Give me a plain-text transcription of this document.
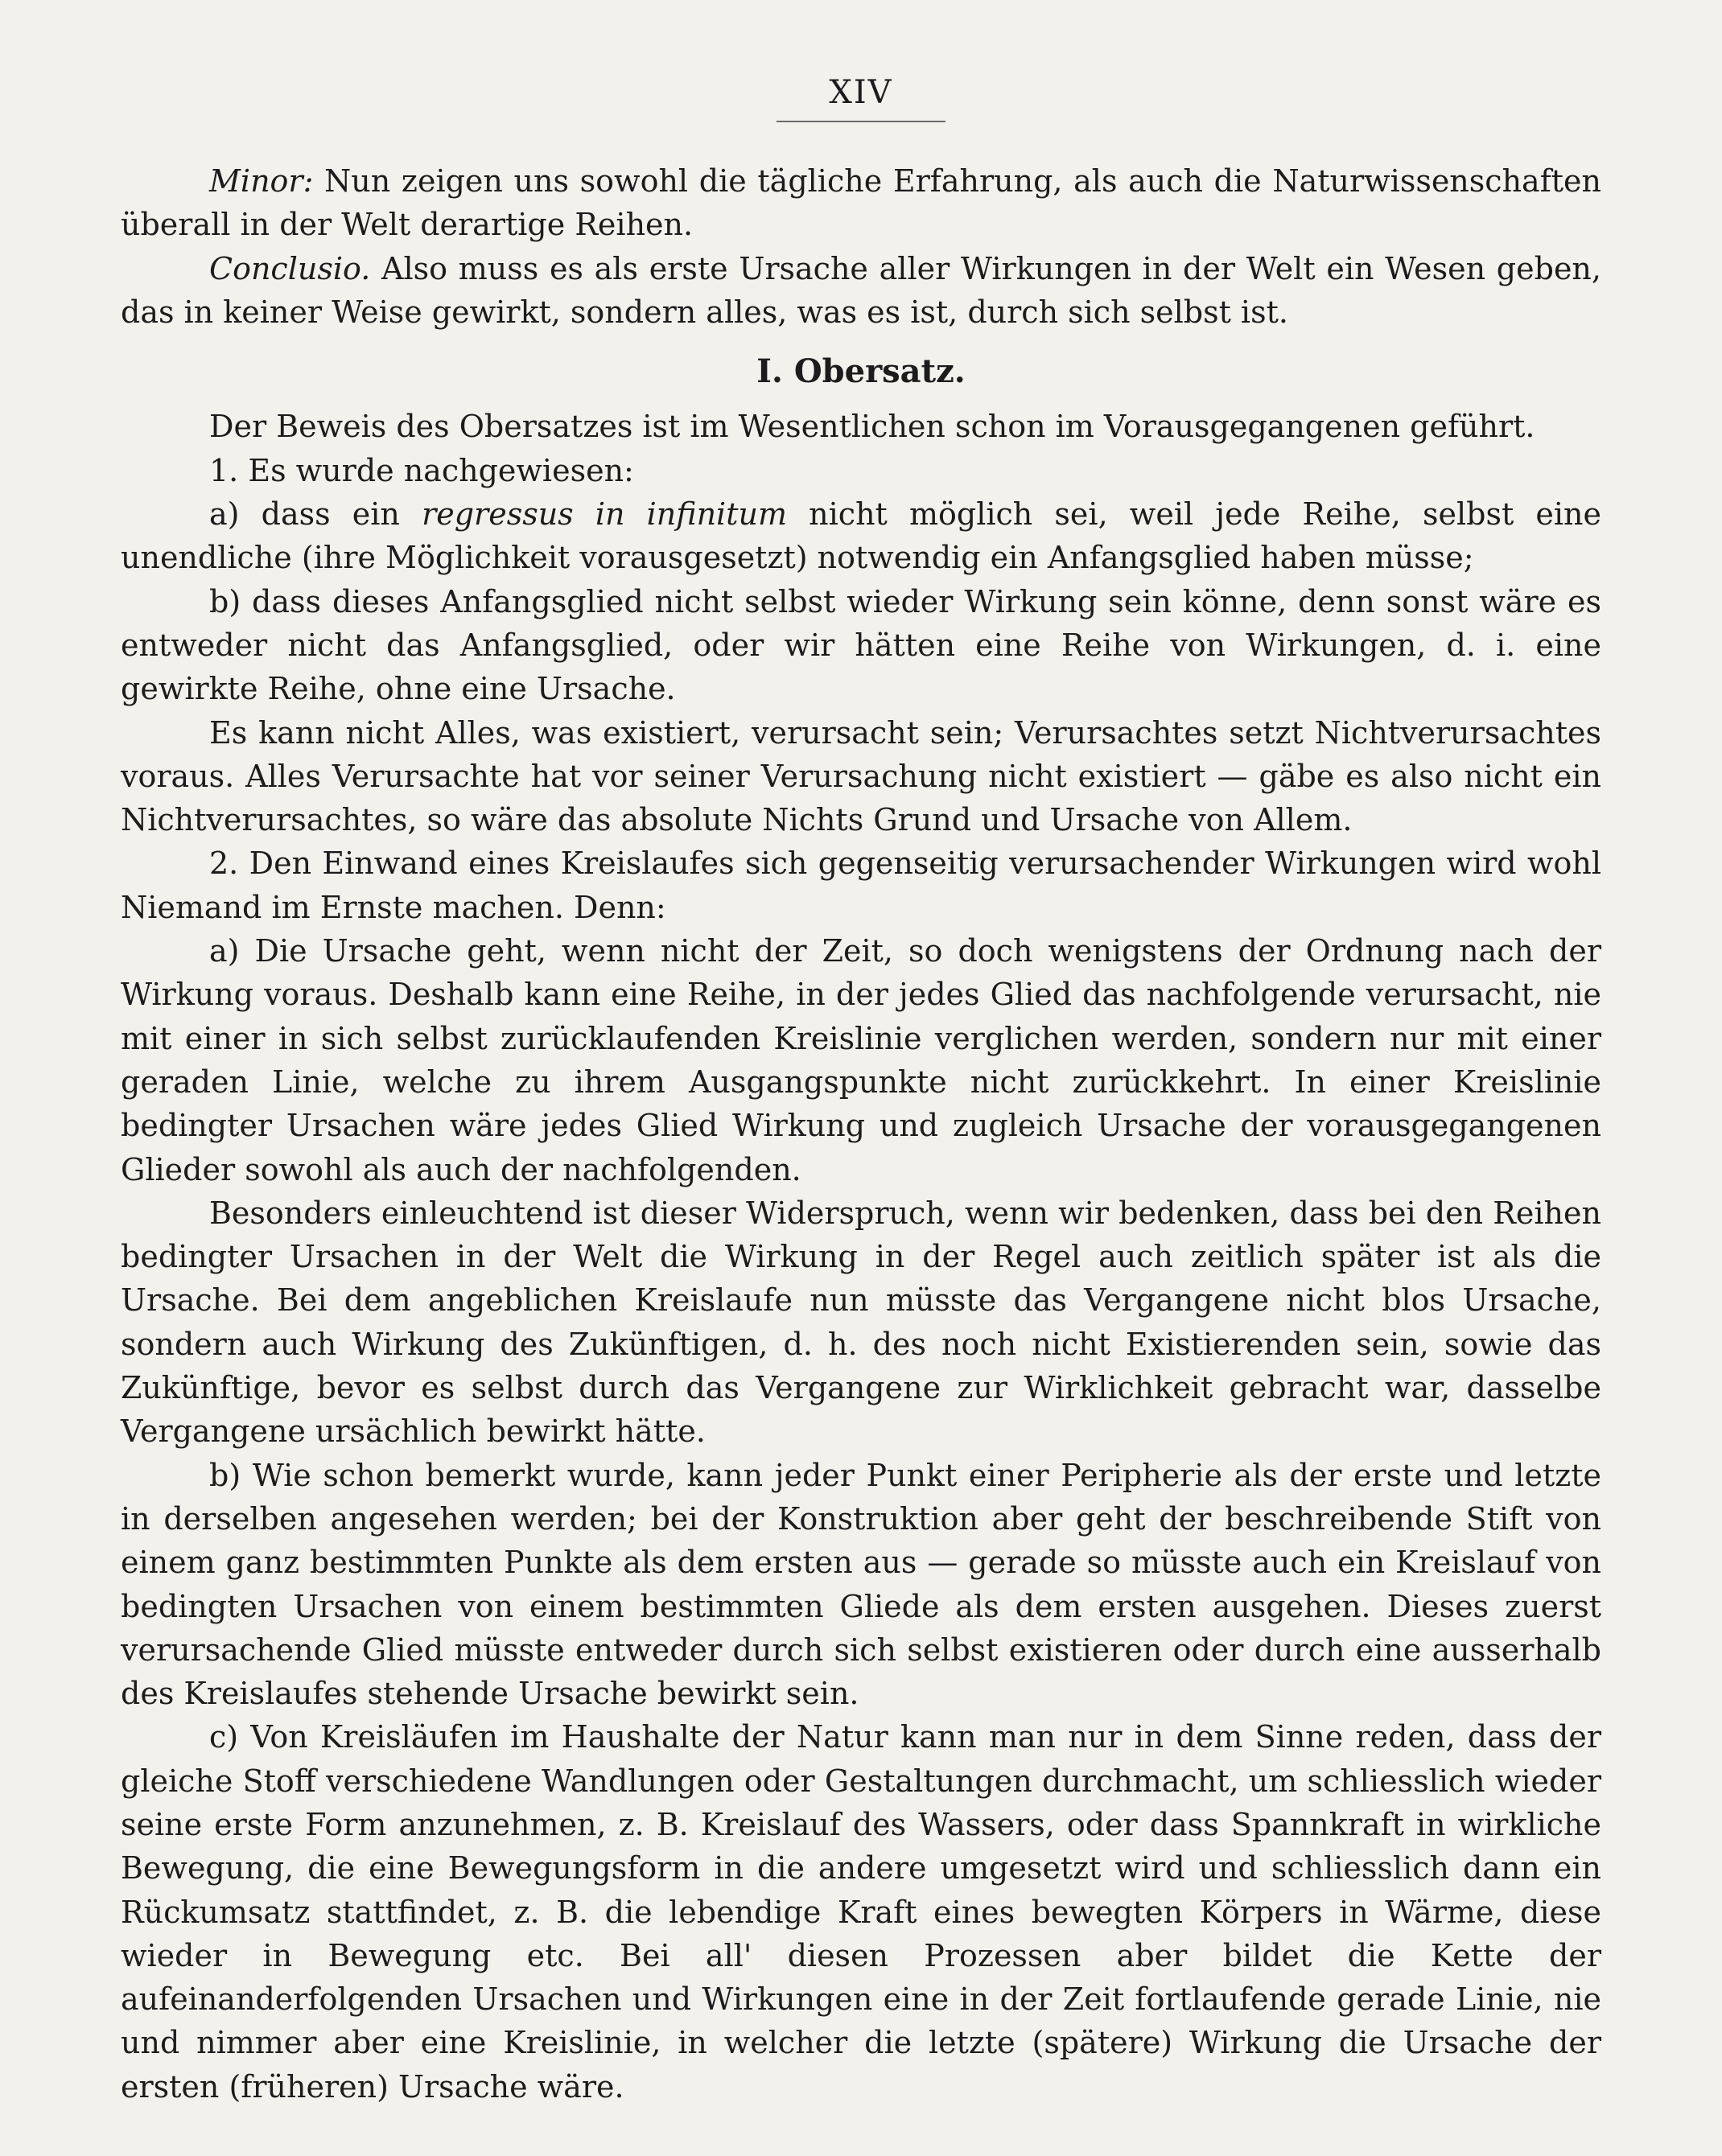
XIV

Minor: Nun zeigen uns sowohl die tägliche Erfahrung, als auch die Naturwissenschaften überall in der Welt derartige Reihen.

Conclusio. Also muss es als erste Ursache aller Wirkungen in der Welt ein Wesen geben, das in keiner Weise gewirkt, sondern alles, was es ist, durch sich selbst ist.

I. Obersatz.

Der Beweis des Obersatzes ist im Wesentlichen schon im Vorausgegangenen geführt.

1. Es wurde nachgewiesen:

a) dass ein regressus in infinitum nicht möglich sei, weil jede Reihe, selbst eine unendliche (ihre Möglichkeit vorausgesetzt) notwendig ein Anfangsglied haben müsse;

b) dass dieses Anfangsglied nicht selbst wieder Wirkung sein könne, denn sonst wäre es entweder nicht das Anfangsglied, oder wir hätten eine Reihe von Wirkungen, d. i. eine gewirkte Reihe, ohne eine Ursache.

Es kann nicht Alles, was existiert, verursacht sein; Verursachtes setzt Nichtverursachtes voraus. Alles Verursachte hat vor seiner Verursachung nicht existiert — gäbe es also nicht ein Nichtverursachtes, so wäre das absolute Nichts Grund und Ursache von Allem.

2. Den Einwand eines Kreislaufes sich gegenseitig verursachender Wirkungen wird wohl Niemand im Ernste machen. Denn:

a) Die Ursache geht, wenn nicht der Zeit, so doch wenigstens der Ordnung nach der Wirkung voraus. Deshalb kann eine Reihe, in der jedes Glied das nachfolgende verursacht, nie mit einer in sich selbst zurücklaufenden Kreislinie verglichen werden, sondern nur mit einer geraden Linie, welche zu ihrem Ausgangspunkte nicht zurückkehrt. In einer Kreislinie bedingter Ursachen wäre jedes Glied Wirkung und zugleich Ursache der vorausgegangenen Glieder sowohl als auch der nachfolgenden.

Besonders einleuchtend ist dieser Widerspruch, wenn wir bedenken, dass bei den Reihen bedingter Ursachen in der Welt die Wirkung in der Regel auch zeitlich später ist als die Ursache. Bei dem angeblichen Kreislaufe nun müsste das Vergangene nicht blos Ursache, sondern auch Wirkung des Zukünftigen, d. h. des noch nicht Existierenden sein, sowie das Zukünftige, bevor es selbst durch das Vergangene zur Wirklichkeit gebracht war, dasselbe Vergangene ursächlich bewirkt hätte.

b) Wie schon bemerkt wurde, kann jeder Punkt einer Peripherie als der erste und letzte in derselben angesehen werden; bei der Konstruktion aber geht der beschreibende Stift von einem ganz bestimmten Punkte als dem ersten aus — gerade so müsste auch ein Kreislauf von bedingten Ursachen von einem bestimmten Gliede als dem ersten ausgehen. Dieses zuerst verursachende Glied müsste entweder durch sich selbst existieren oder durch eine ausserhalb des Kreislaufes stehende Ursache bewirkt sein.

c) Von Kreisläufen im Haushalte der Natur kann man nur in dem Sinne reden, dass der gleiche Stoff verschiedene Wandlungen oder Gestaltungen durchmacht, um schliesslich wieder seine erste Form anzunehmen, z. B. Kreislauf des Wassers, oder dass Spannkraft in wirkliche Bewegung, die eine Bewegungsform in die andere umgesetzt wird und schliesslich dann ein Rückumsatz stattfindet, z. B. die lebendige Kraft eines bewegten Körpers in Wärme, diese wieder in Bewegung etc. Bei all' diesen Prozessen aber bildet die Kette der aufeinanderfolgenden Ursachen und Wirkungen eine in der Zeit fortlaufende gerade Linie, nie und nimmer aber eine Kreislinie, in welcher die letzte (spätere) Wirkung die Ursache der ersten (früheren) Ursache wäre.
